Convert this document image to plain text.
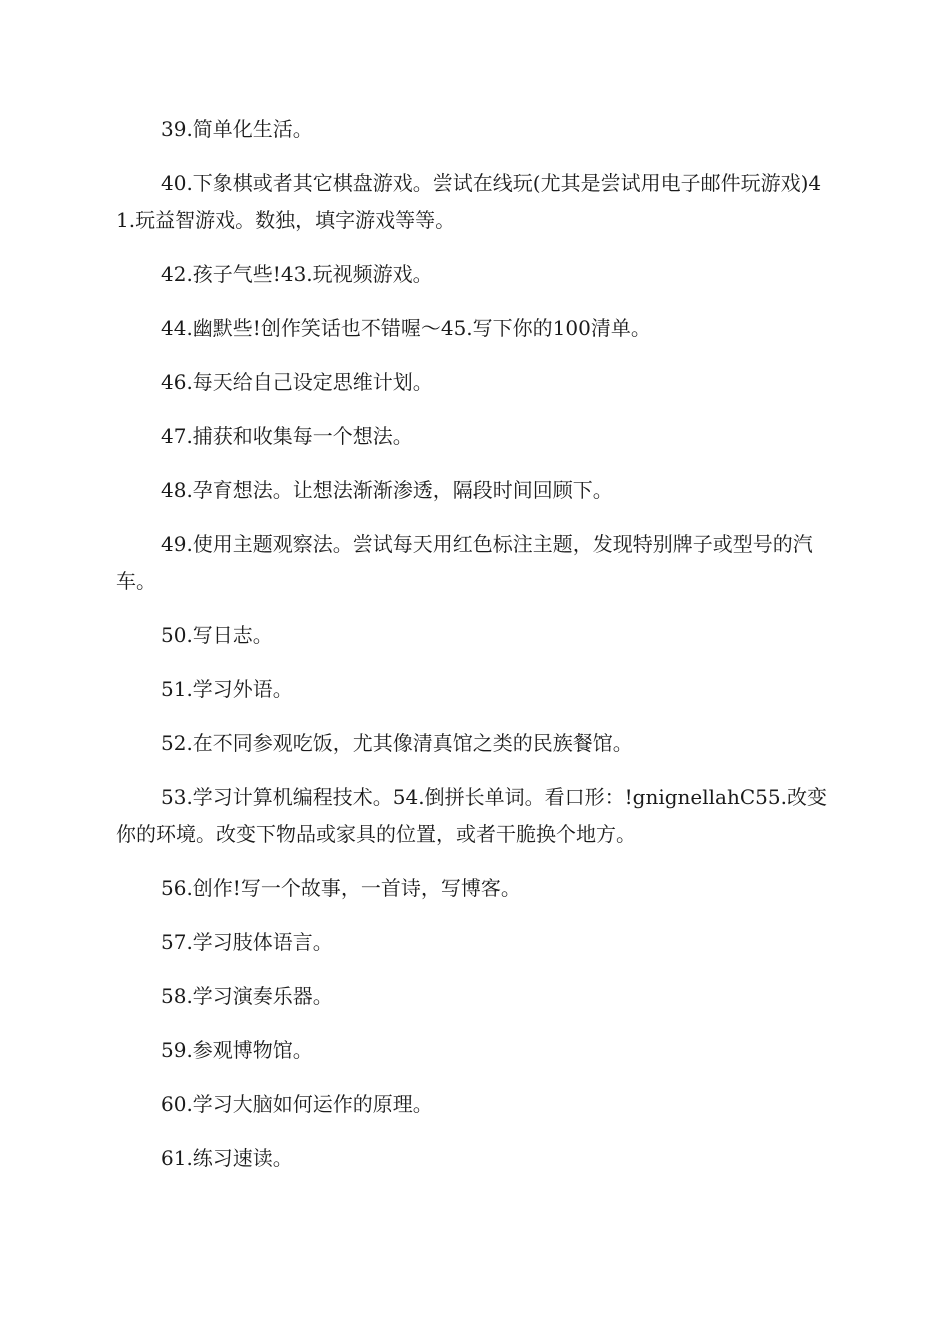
39.简单化生活。

40.下象棋或者其它棋盘游戏。尝试在线玩(尤其是尝试用电子邮件玩游戏)41.玩益智游戏。数独，填字游戏等等。

42.孩子气些!43.玩视频游戏。

44.幽默些!创作笑话也不错喔～45.写下你的100清单。

46.每天给自己设定思维计划。

47.捕获和收集每一个想法。

48.孕育想法。让想法渐渐渗透，隔段时间回顾下。

49.使用主题观察法。尝试每天用红色标注主题，发现特别牌子或型号的汽车。

50.写日志。

51.学习外语。

52.在不同参观吃饭，尤其像清真馆之类的民族餐馆。

53.学习计算机编程技术。54.倒拼长单词。看口形：!gnignellahC55.改变你的环境。改变下物品或家具的位置，或者干脆换个地方。

56.创作!写一个故事，一首诗，写博客。

57.学习肢体语言。

58.学习演奏乐器。

59.参观博物馆。

60.学习大脑如何运作的原理。

61.练习速读。
